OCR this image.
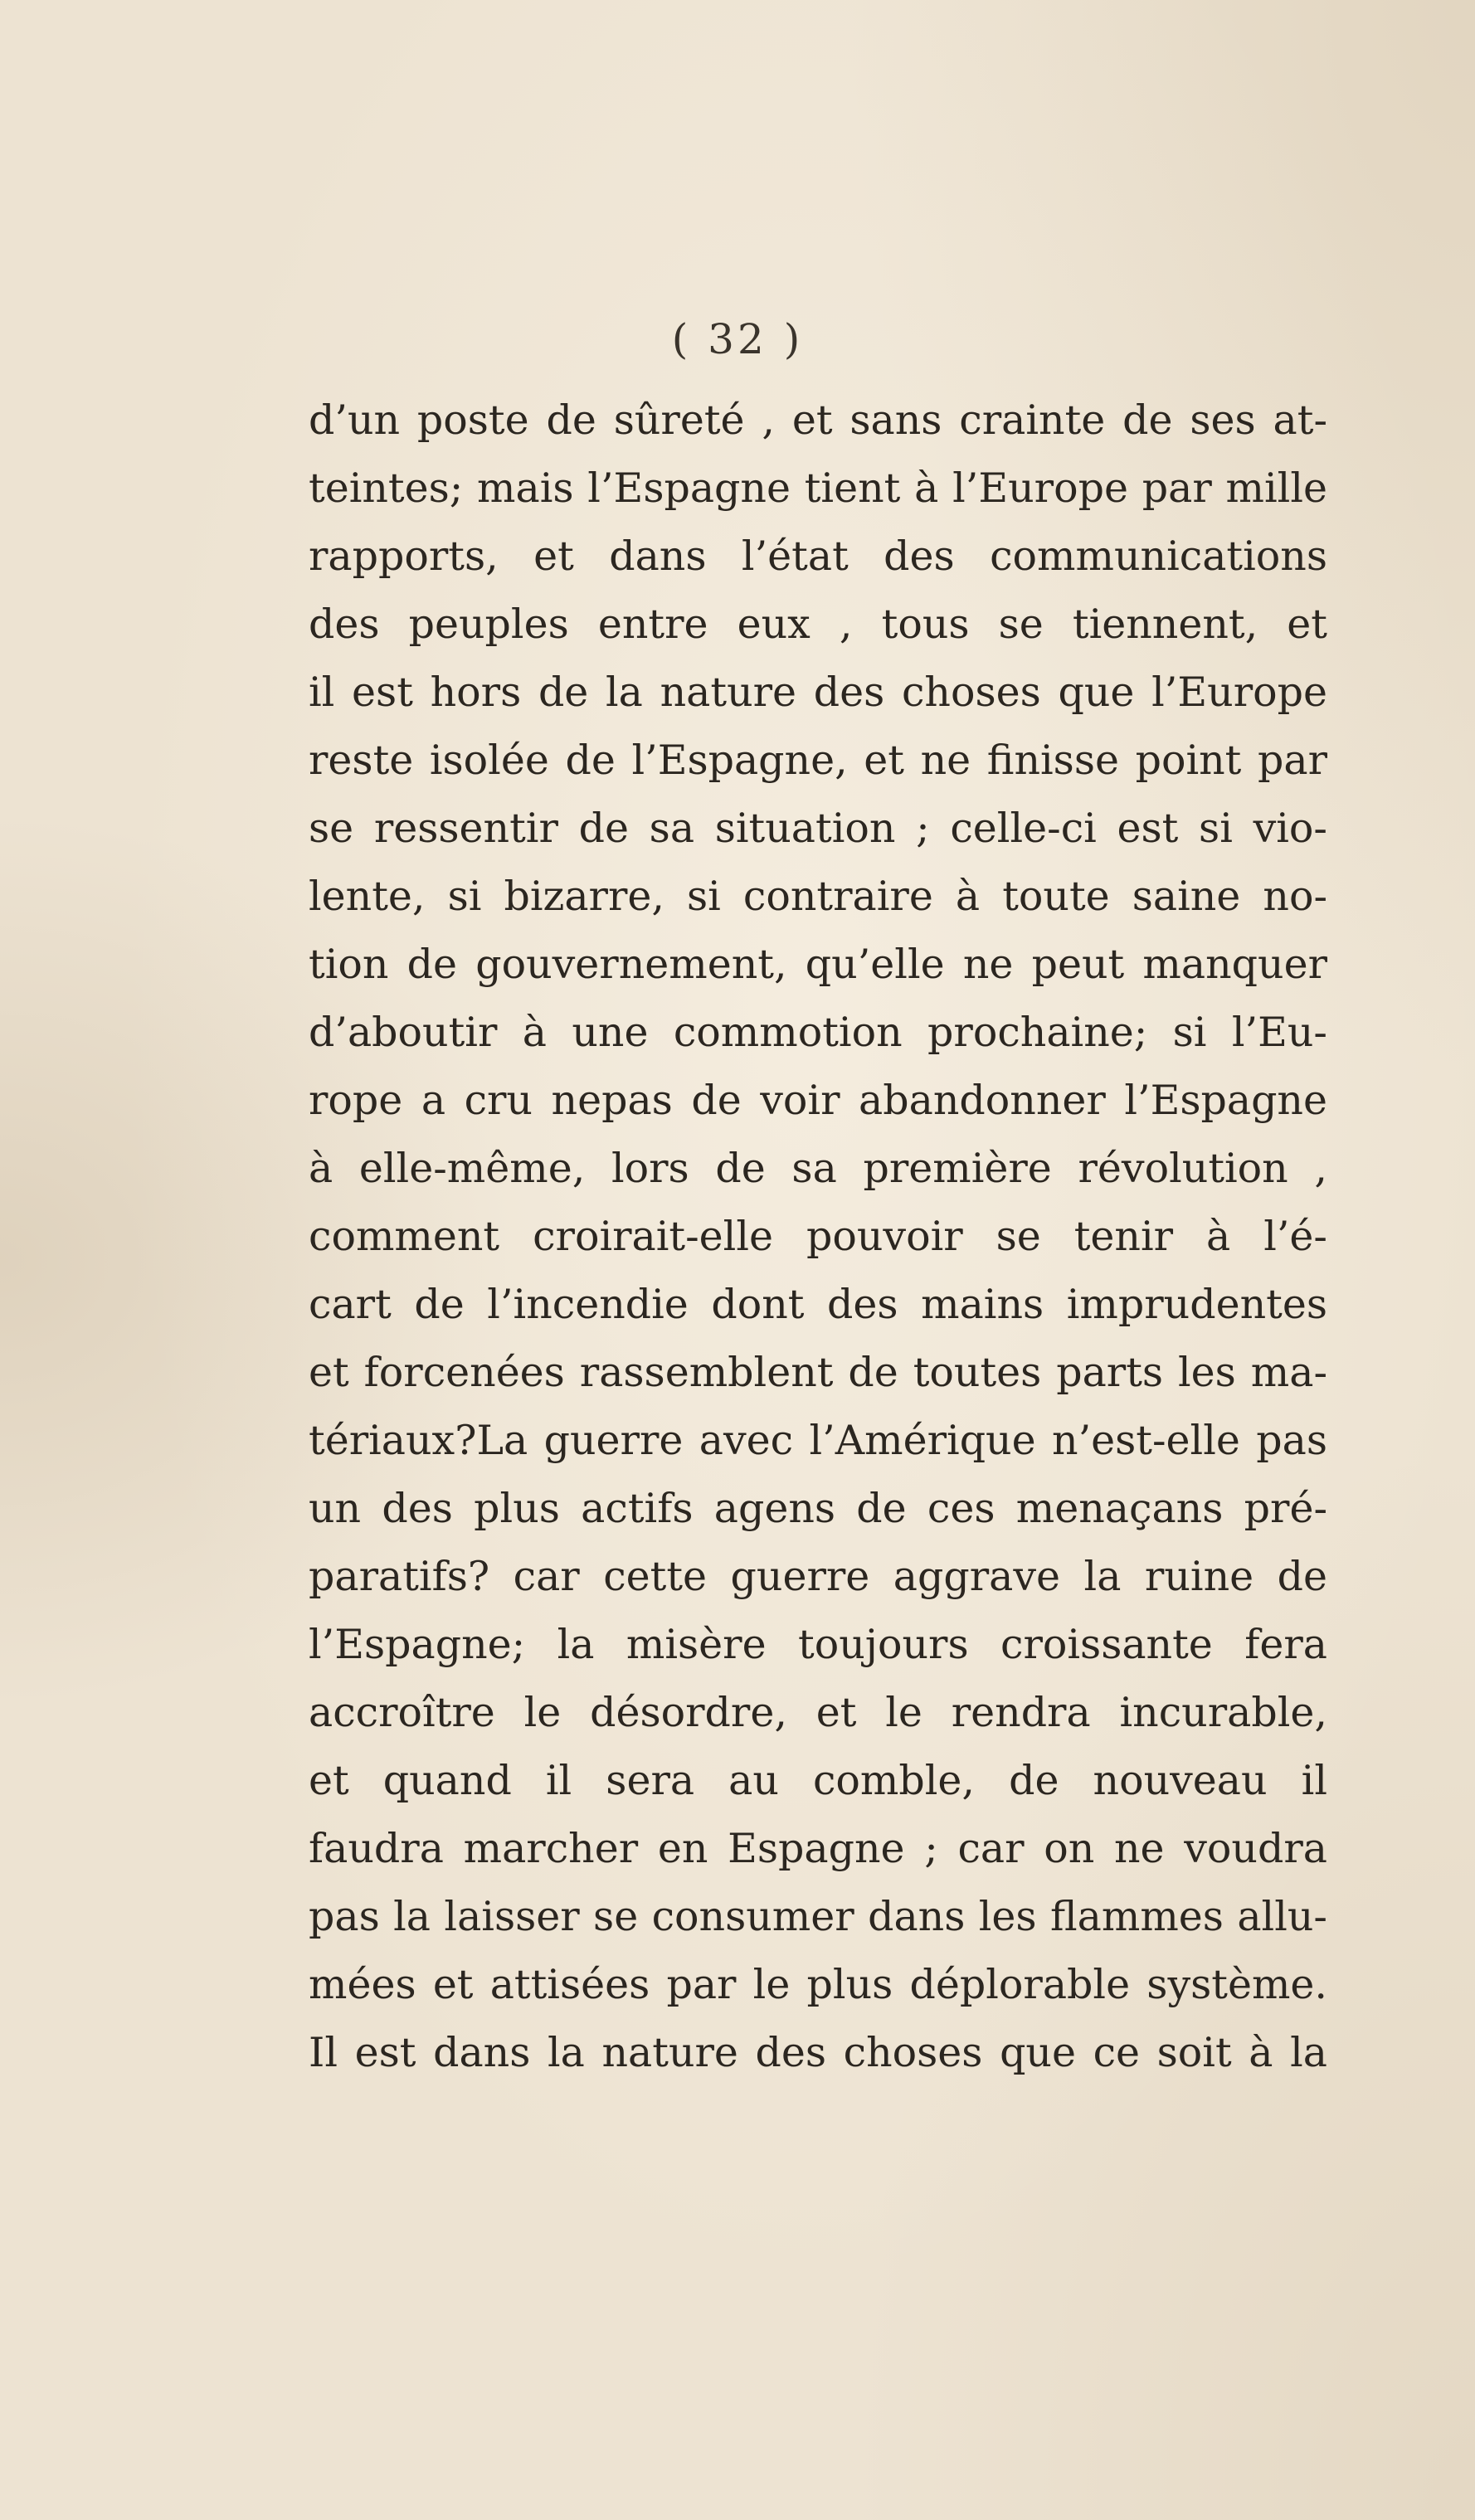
( 32 )

d’un poste de sûreté , et sans crainte de ses at-
teintes; mais l’Espagne tient à l’Europe par mille
rapports, et dans l’état des communications
des peuples entre eux , tous se tiennent, et
il est hors de la nature des choses que l’Europe
reste isolée de l’Espagne, et ne finisse point par
se ressentir de sa situation ; celle-ci est si vio-
lente, si bizarre, si contraire à toute saine no-
tion de gouvernement, qu’elle ne peut manquer
d’aboutir à une commotion prochaine; si l’Eu-
rope a cru nepas de voir abandonner l’Espagne
à elle-même, lors de sa première révolution ,
comment croirait-elle pouvoir se tenir à l’é-
cart de l’incendie dont des mains imprudentes
et forcenées rassemblent de toutes parts les ma-
tériaux?La guerre avec l’Amérique n’est-elle pas
un des plus actifs agens de ces menaçans pré-
paratifs? car cette guerre aggrave la ruine de
l’Espagne; la misère toujours croissante fera
accroître le désordre, et le rendra incurable,
et quand il sera au comble, de nouveau il
faudra marcher en Espagne ; car on ne voudra
pas la laisser se consumer dans les flammes allu-
mées et attisées par le plus déplorable système.
Il est dans la nature des choses que ce soit à la
